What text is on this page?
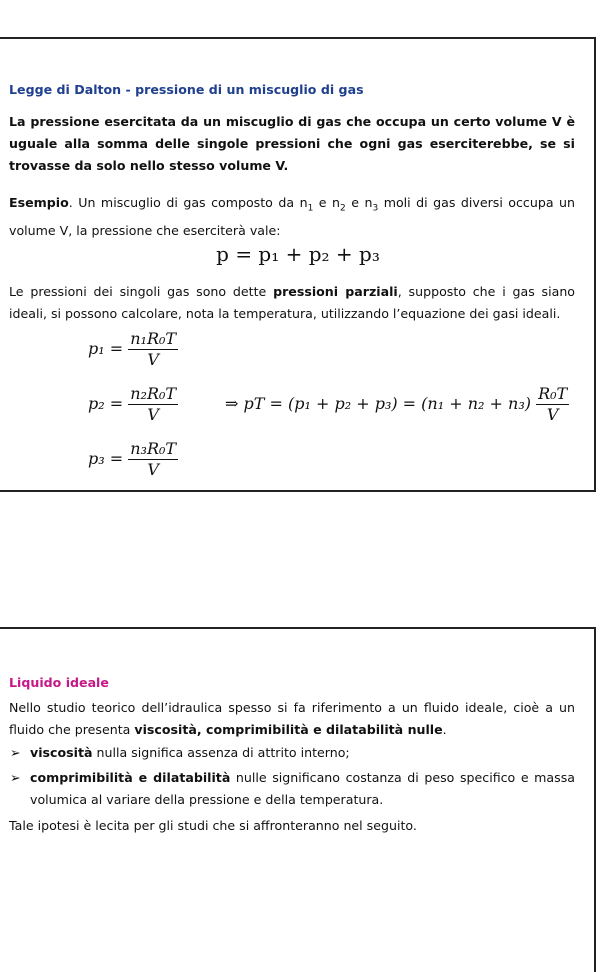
Legge di Dalton - pressione di un miscuglio di gas
La pressione esercitata da un miscuglio di gas che occupa un certo volume V è uguale alla somma delle singole pressioni che ogni gas eserciterebbe, se si trovasse da solo nello stesso volume V.
Esempio. Un miscuglio di gas composto da $n_1$ e $n_2$ e $n_3$ moli di gas diversi occupa un volume V, la pressione che eserciterà vale:
p = p₁ + p₂ + p₃
Le pressioni dei singoli gas sono dette pressioni parziali, supposto che i gas siano ideali, si possono calcolare, nota la temperatura, utilizzando l’equazione dei gasi ideali.
$p_1 = \frac{\text{n₁R₀T}}{V}$
$p_2 = \frac{\text{n₂R₀T}}{V}$	⇒ pT = $(p_1 + p_2 + p_3) = (n_1 + n_2 + n_3) \frac{\text{R₀T}}{V}$
$p_3 = \frac{\text{n₃R₀T}}{V}$
Liquido ideale
Nello studio teorico dell’idraulica spesso si fa riferimento a un fluido ideale, cioè a un fluido che presenta viscosità, comprimibilità e dilatabilità nulle.
➢ viscosità nulla significa assenza di attrito interno;
➢ comprimibilità e dilatabilità nulle significano costanza di peso specifico e massa volumica al variare della pressione e della temperatura.
Tale ipotesi è lecita per gli studi che si affronteranno nel seguito.
